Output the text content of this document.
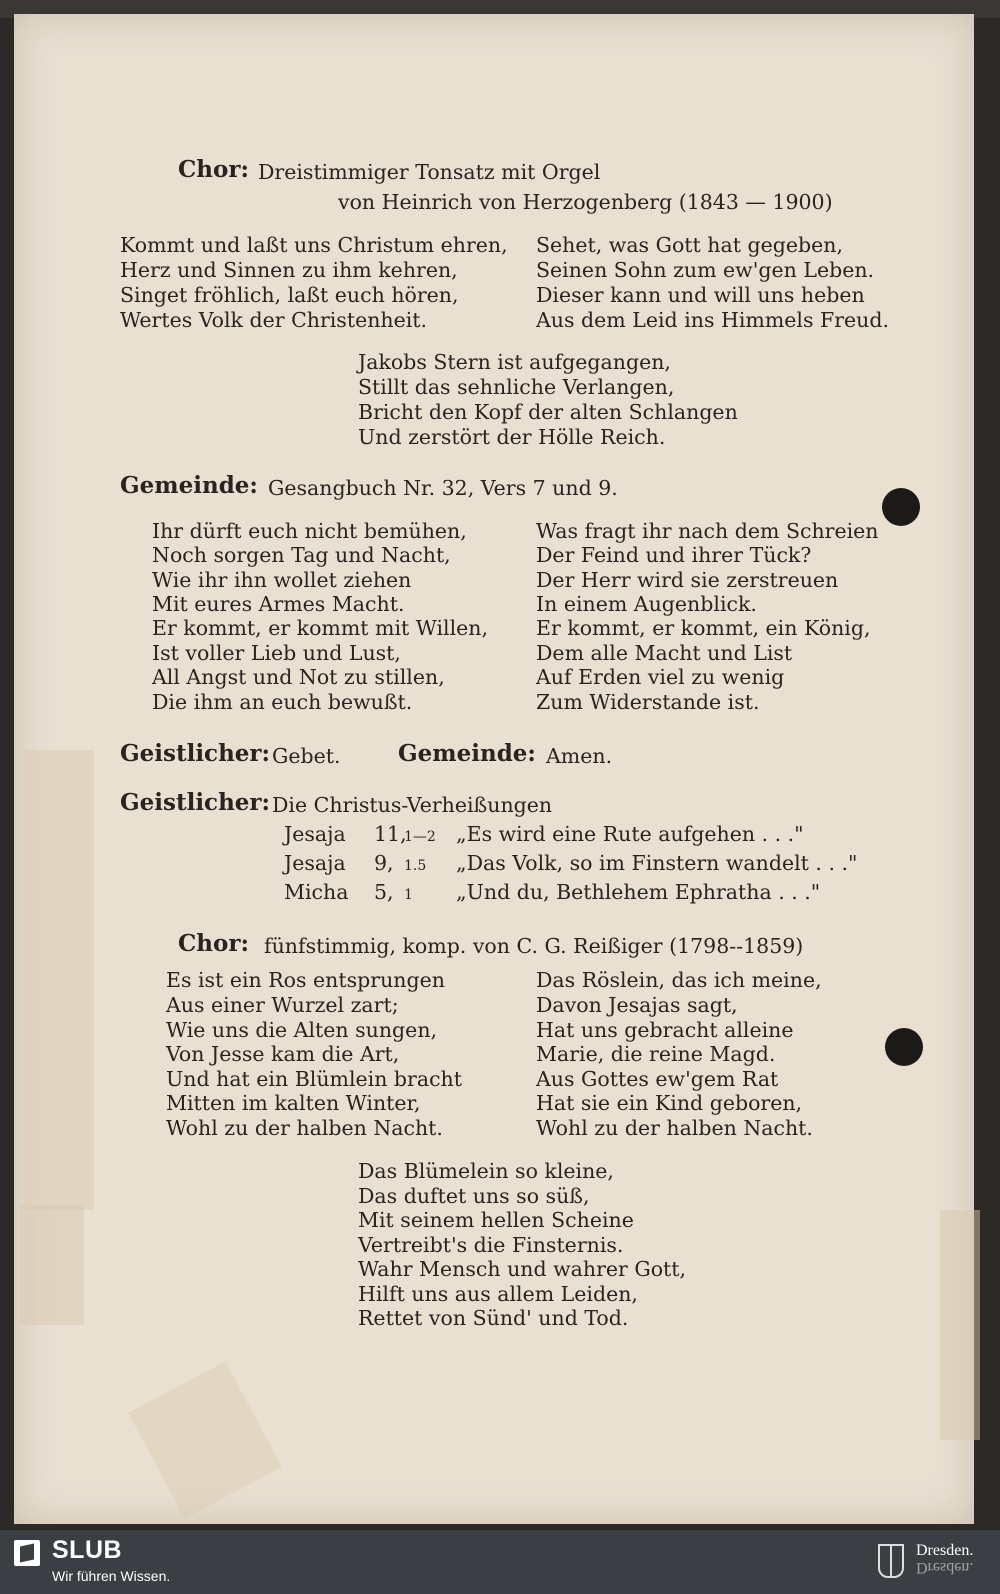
Chor: Dreistimmiger Tonsatz mit Orgel
von Heinrich von Herzogenberg (1843 — 1900)
Kommt und laßt uns Christum ehren,
Herz und Sinnen zu ihm kehren,
Singet fröhlich, laßt euch hören,
Wertes Volk der Christenheit.
Sehet, was Gott hat gegeben,
Seinen Sohn zum ew'gen Leben.
Dieser kann und will uns heben
Aus dem Leid ins Himmels Freud.
Jakobs Stern ist aufgegangen,
Stillt das sehnliche Verlangen,
Bricht den Kopf der alten Schlangen
Und zerstört der Hölle Reich.
Gemeinde: Gesangbuch Nr. 32, Vers 7 und 9.
Ihr dürft euch nicht bemühen,
Noch sorgen Tag und Nacht,
Wie ihr ihn wollet ziehen
Mit eures Armes Macht.
Er kommt, er kommt mit Willen,
Ist voller Lieb und Lust,
All Angst und Not zu stillen,
Die ihm an euch bewußt.
Was fragt ihr nach dem Schreien
Der Feind und ihrer Tück?
Der Herr wird sie zerstreuen
In einem Augenblick.
Er kommt, er kommt, ein König,
Dem alle Macht und List
Auf Erden viel zu wenig
Zum Widerstande ist.
Geistlicher: Gebet. Gemeinde: Amen.
Geistlicher: Die Christus-Verheißungen
Jesaja 11,
1—2 „Es wird eine Rute aufgehen . . ."
Jesaja 9, 1.5 „Das Volk, so im Finstern wandelt . . ."
Micha 5, 1 „Und du, Bethlehem Ephratha . . ."
Chor: fünfstimmig, komp. von C. G. Reißiger (1798--1859)
Es ist ein Ros entsprungen
Aus einer Wurzel zart;
Wie uns die Alten sungen,
Von Jesse kam die Art,
Und hat ein Blümlein bracht
Mitten im kalten Winter,
Wohl zu der halben Nacht.
Das Röslein, das ich meine,
Davon Jesajas sagt,
Hat uns gebracht alleine
Marie, die reine Magd.
Aus Gottes ew'gem Rat
Hat sie ein Kind geboren,
Wohl zu der halben Nacht.
Das Blümelein so kleine,
Das duftet uns so süß,
Mit seinem hellen Scheine
Vertreibt's die Finsternis.
Wahr Mensch und wahrer Gott,
Hilft uns aus allem Leiden,
Rettet von Sünd' und Tod.
SLUB
Wir führen Wissen.
Dresden.
Dresden.
